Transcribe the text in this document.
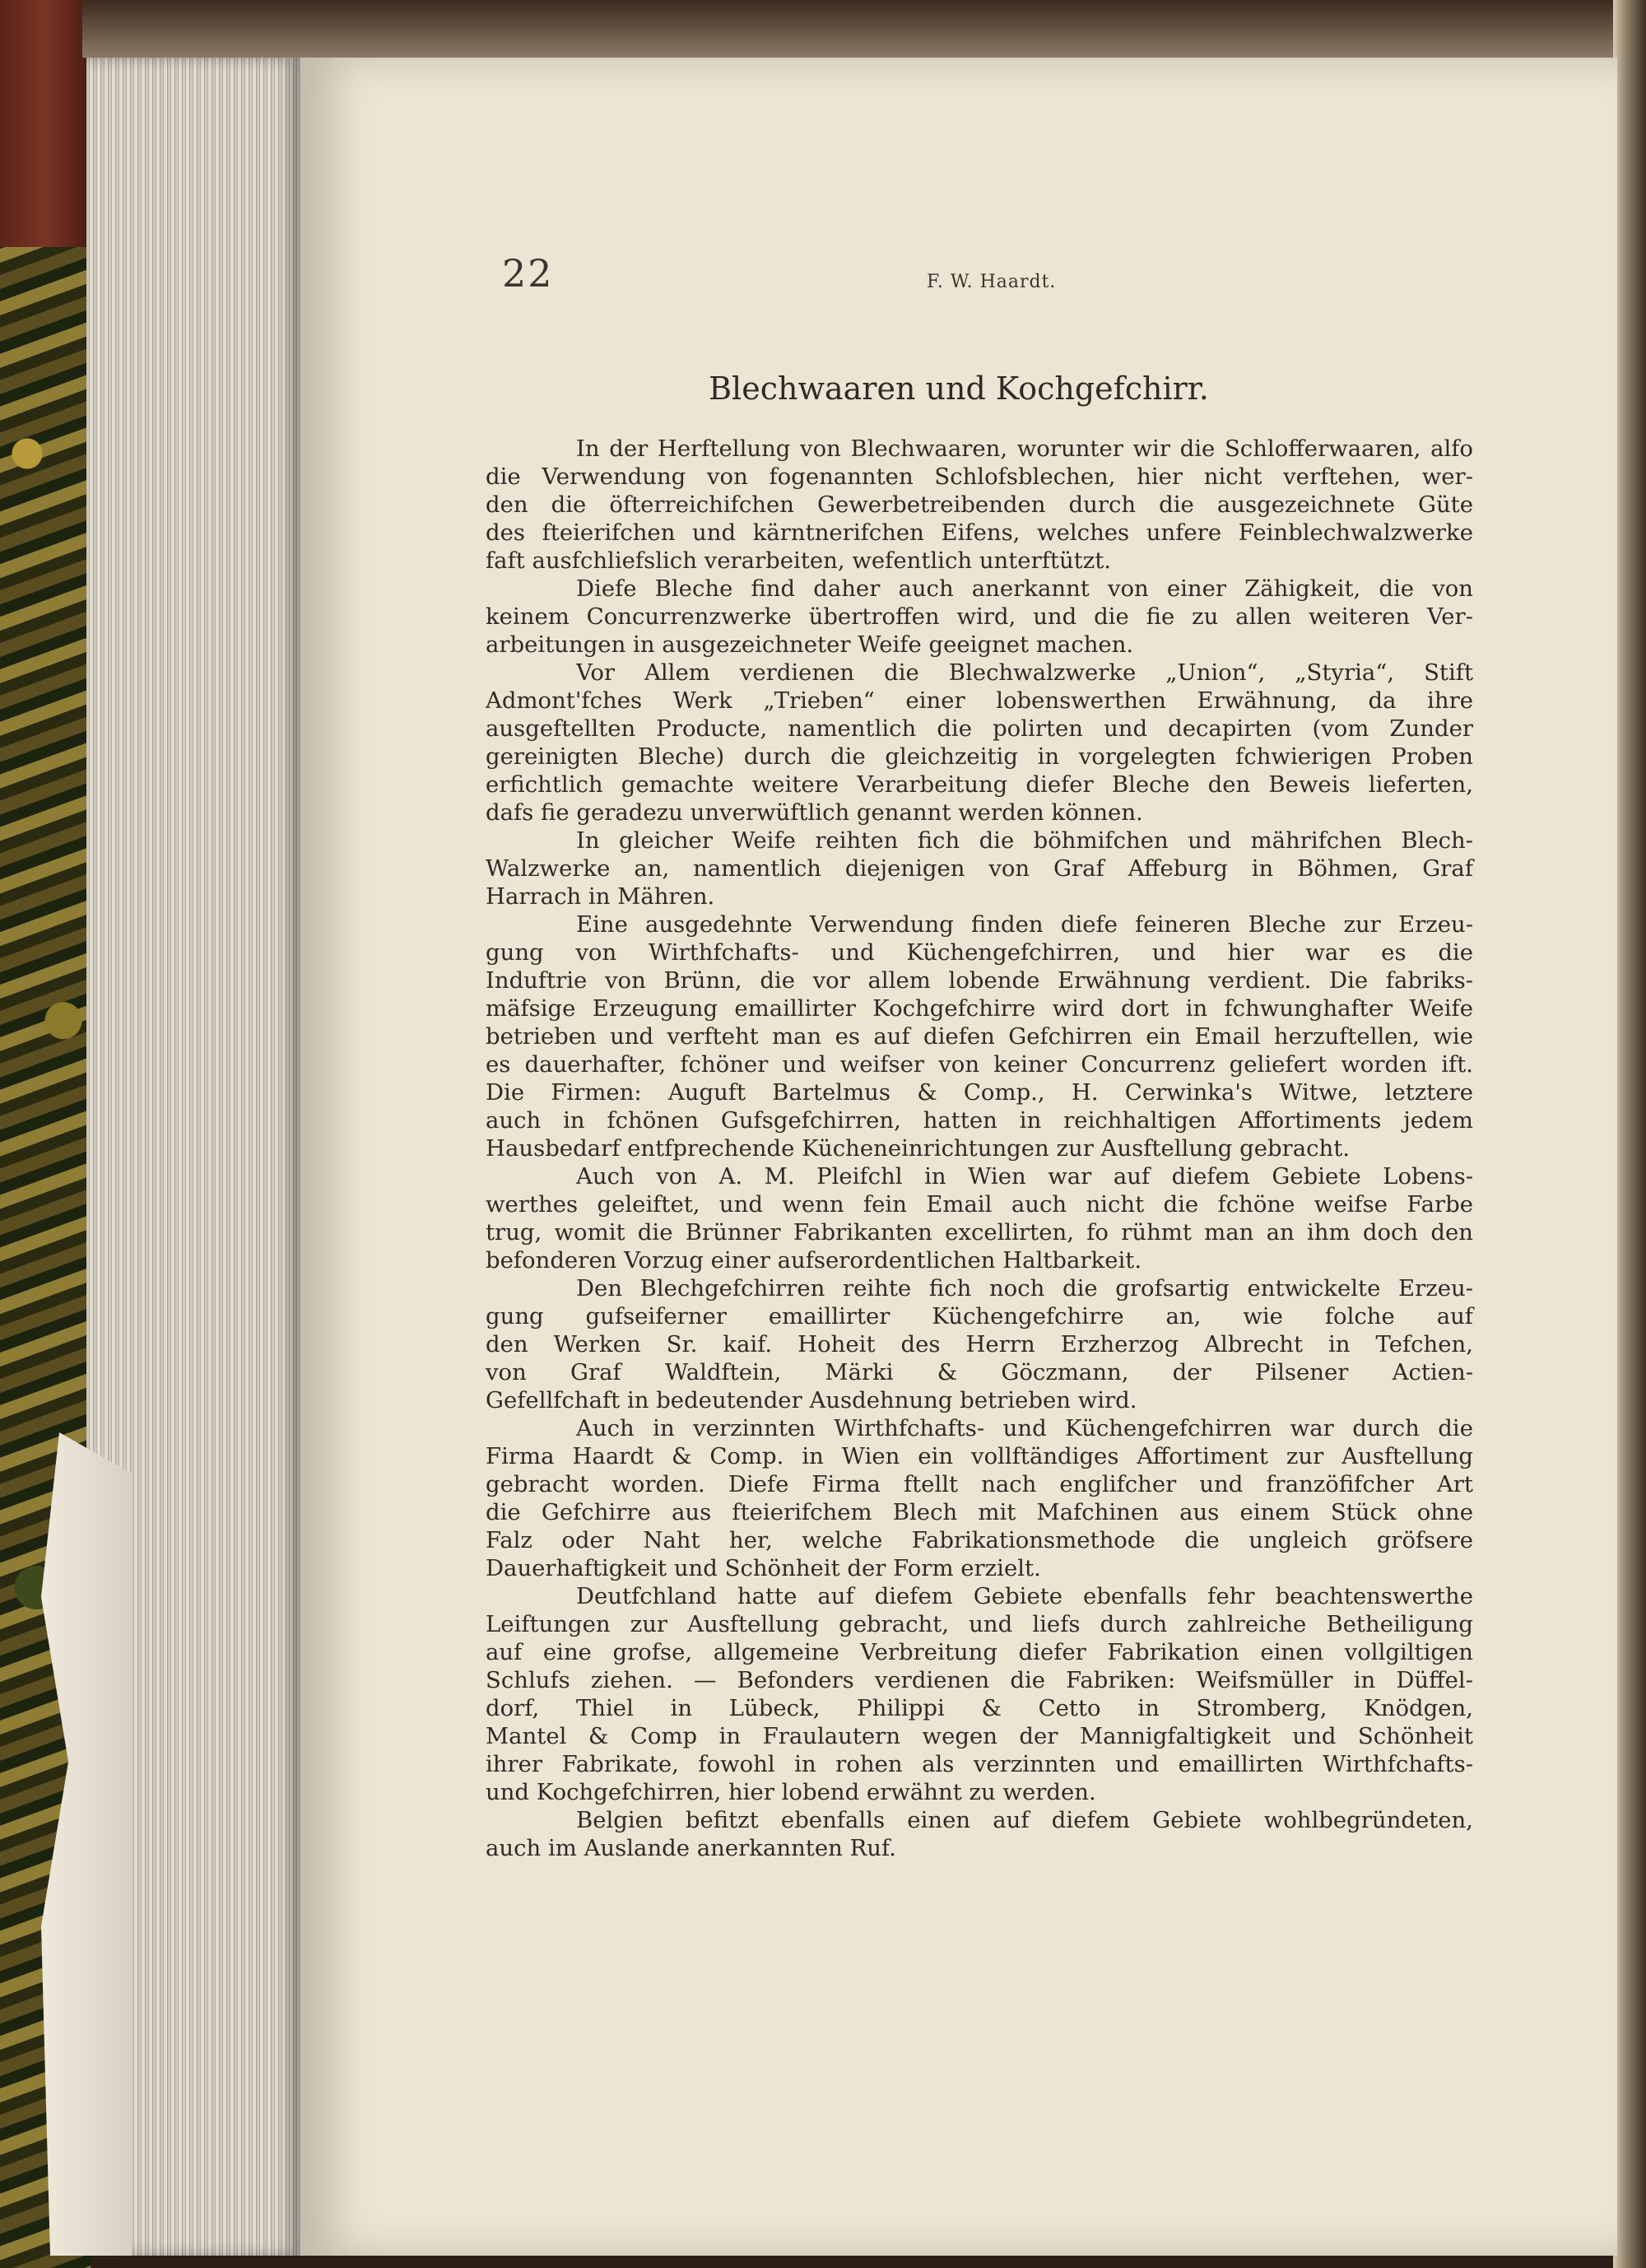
22	F. W. Haardt.
Blechwaaren und Kochgefchirr.
In der Herftellung von Blechwaaren, worunter wir die Schlofferwaaren, alfo
die Verwendung von fogenannten Schlofsblechen, hier nicht verftehen, wer-
den die öfterreichifchen Gewerbetreibenden durch die ausgezeichnete Güte
des fteierifchen und kärntnerifchen Eifens, welches unfere Feinblechwalzwerke
faft ausfchliefslich verarbeiten, wefentlich unterftützt.
Diefe Bleche find daher auch anerkannt von einer Zähigkeit, die von
keinem Concurrenzwerke übertroffen wird, und die fie zu allen weiteren Ver-
arbeitungen in ausgezeichneter Weife geeignet machen.
Vor Allem verdienen die Blechwalzwerke „Union“, „Styria“, Stift
Admont'fches Werk „Trieben“ einer lobenswerthen Erwähnung, da ihre
ausgeftellten Producte, namentlich die polirten und decapirten (vom Zunder
gereinigten Bleche) durch die gleichzeitig in vorgelegten fchwierigen Proben
erfichtlich gemachte weitere Verarbeitung diefer Bleche den Beweis lieferten,
dafs fie geradezu unverwüftlich genannt werden können.
In gleicher Weife reihten fich die böhmifchen und mährifchen Blech-
Walzwerke an, namentlich diejenigen von Graf Affeburg in Böhmen, Graf
Harrach in Mähren.
Eine ausgedehnte Verwendung finden diefe feineren Bleche zur Erzeu-
gung von Wirthfchafts- und Küchengefchirren, und hier war es die
Induftrie von Brünn, die vor allem lobende Erwähnung verdient. Die fabriks-
mäfsige Erzeugung emaillirter Kochgefchirre wird dort in fchwunghafter Weife
betrieben und verfteht man es auf diefen Gefchirren ein Email herzuftellen, wie
es dauerhafter, fchöner und weifser von keiner Concurrenz geliefert worden ift.
Die Firmen: Auguft Bartelmus & Comp., H. Cerwinka's Witwe, letztere
auch in fchönen Gufsgefchirren, hatten in reichhaltigen Affortiments jedem
Hausbedarf entfprechende Kücheneinrichtungen zur Ausftellung gebracht.
Auch von A. M. Pleifchl in Wien war auf diefem Gebiete Lobens-
werthes geleiftet, und wenn fein Email auch nicht die fchöne weifse Farbe
trug, womit die Brünner Fabrikanten excellirten, fo rühmt man an ihm doch den
befonderen Vorzug einer aufserordentlichen Haltbarkeit.
Den Blechgefchirren reihte fich noch die grofsartig entwickelte Erzeu-
gung gufseiferner emaillirter Küchengefchirre an, wie folche auf
den Werken Sr. kaif. Hoheit des Herrn Erzherzog Albrecht in Tefchen,
von Graf Waldftein, Märki & Göczmann, der Pilsener Actien-
Gefellfchaft in bedeutender Ausdehnung betrieben wird.
Auch in verzinnten Wirthfchafts- und Küchengefchirren war durch die
Firma Haardt & Comp. in Wien ein vollftändiges Affortiment zur Ausftellung
gebracht worden. Diefe Firma ftellt nach englifcher und franzöfifcher Art
die Gefchirre aus fteierifchem Blech mit Mafchinen aus einem Stück ohne
Falz oder Naht her, welche Fabrikationsmethode die ungleich gröfsere
Dauerhaftigkeit und Schönheit der Form erzielt.
Deutfchland hatte auf diefem Gebiete ebenfalls fehr beachtenswerthe
Leiftungen zur Ausftellung gebracht, und liefs durch zahlreiche Betheiligung
auf eine grofse, allgemeine Verbreitung diefer Fabrikation einen vollgiltigen
Schlufs ziehen. — Befonders verdienen die Fabriken: Weifsmüller in Düffel-
dorf, Thiel in Lübeck, Philippi & Cetto in Stromberg, Knödgen,
Mantel & Comp in Fraulautern wegen der Mannigfaltigkeit und Schönheit
ihrer Fabrikate, fowohl in rohen als verzinnten und emaillirten Wirthfchafts-
und Kochgefchirren, hier lobend erwähnt zu werden.
Belgien befitzt ebenfalls einen auf diefem Gebiete wohlbegründeten,
auch im Auslande anerkannten Ruf.
